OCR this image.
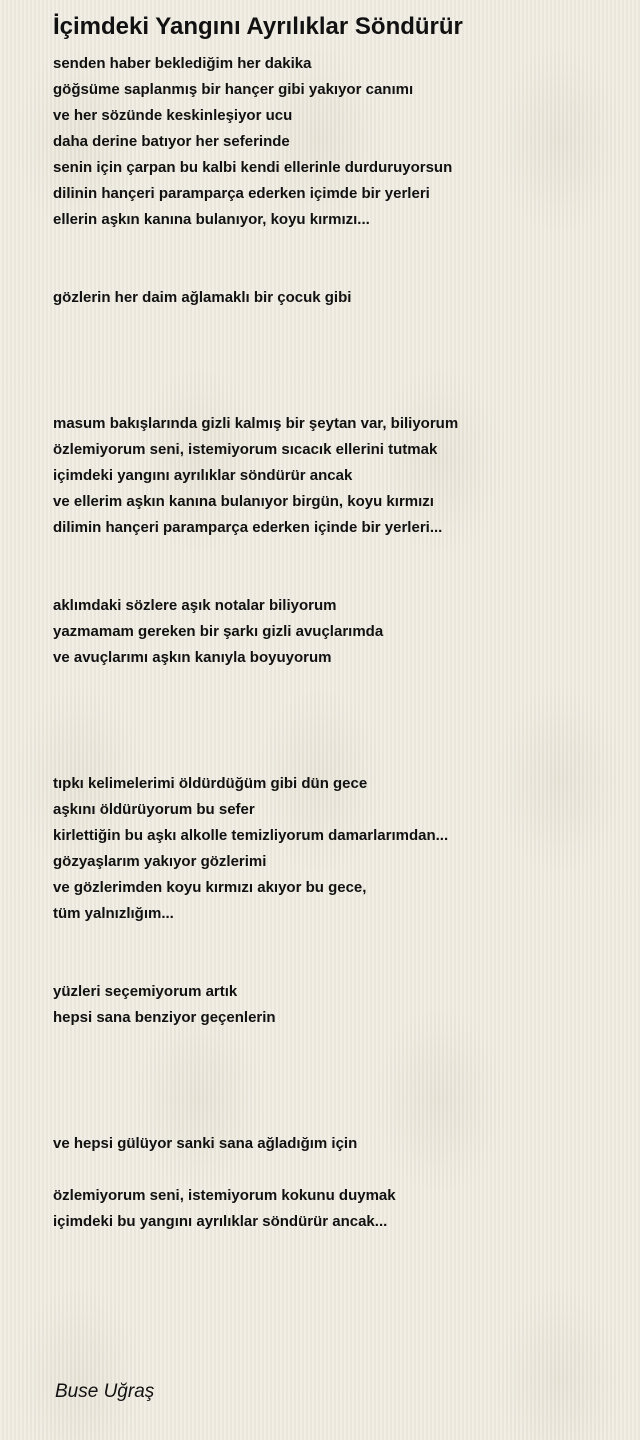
İçimdeki Yangını Ayrılıklar Söndürür
senden haber beklediğim her dakika
göğsüme saplanmış bir hançer gibi yakıyor canımı
ve her sözünde keskinleşiyor ucu
daha derine batıyor her seferinde
senin için çarpan bu kalbi kendi ellerinle durduruyorsun
dilinin hançeri paramparça ederken içimde bir yerleri
ellerin aşkın kanına bulanıyor, koyu kırmızı...
gözlerin her daim ağlamaklı bir çocuk gibi
masum bakışlarında gizli kalmış bir şeytan var, biliyorum
özlemiyorum seni, istemiyorum sıcacık ellerini tutmak
içimdeki yangını ayrılıklar söndürür ancak
ve ellerim aşkın kanına bulanıyor birgün, koyu kırmızı
dilimin hançeri paramparça ederken içinde bir yerleri...
aklımdaki sözlere aşık notalar biliyorum
yazmamam gereken bir şarkı gizli avuçlarımda
ve avuçlarımı aşkın kanıyla boyuyorum
tıpkı kelimelerimi öldürdüğüm gibi dün gece
aşkını öldürüyorum bu sefer
kirlettiğin bu aşkı alkolle temizliyorum damarlarımdan...
gözyaşlarım yakıyor gözlerimi
ve gözlerimden koyu kırmızı akıyor bu gece,
tüm yalnızlığım...
yüzleri seçemiyorum artık
hepsi sana benziyor geçenlerin
ve hepsi gülüyor sanki sana ağladığım için
özlemiyorum seni, istemiyorum kokunu duymak
içimdeki bu yangını ayrılıklar söndürür ancak...
Buse Uğraş
